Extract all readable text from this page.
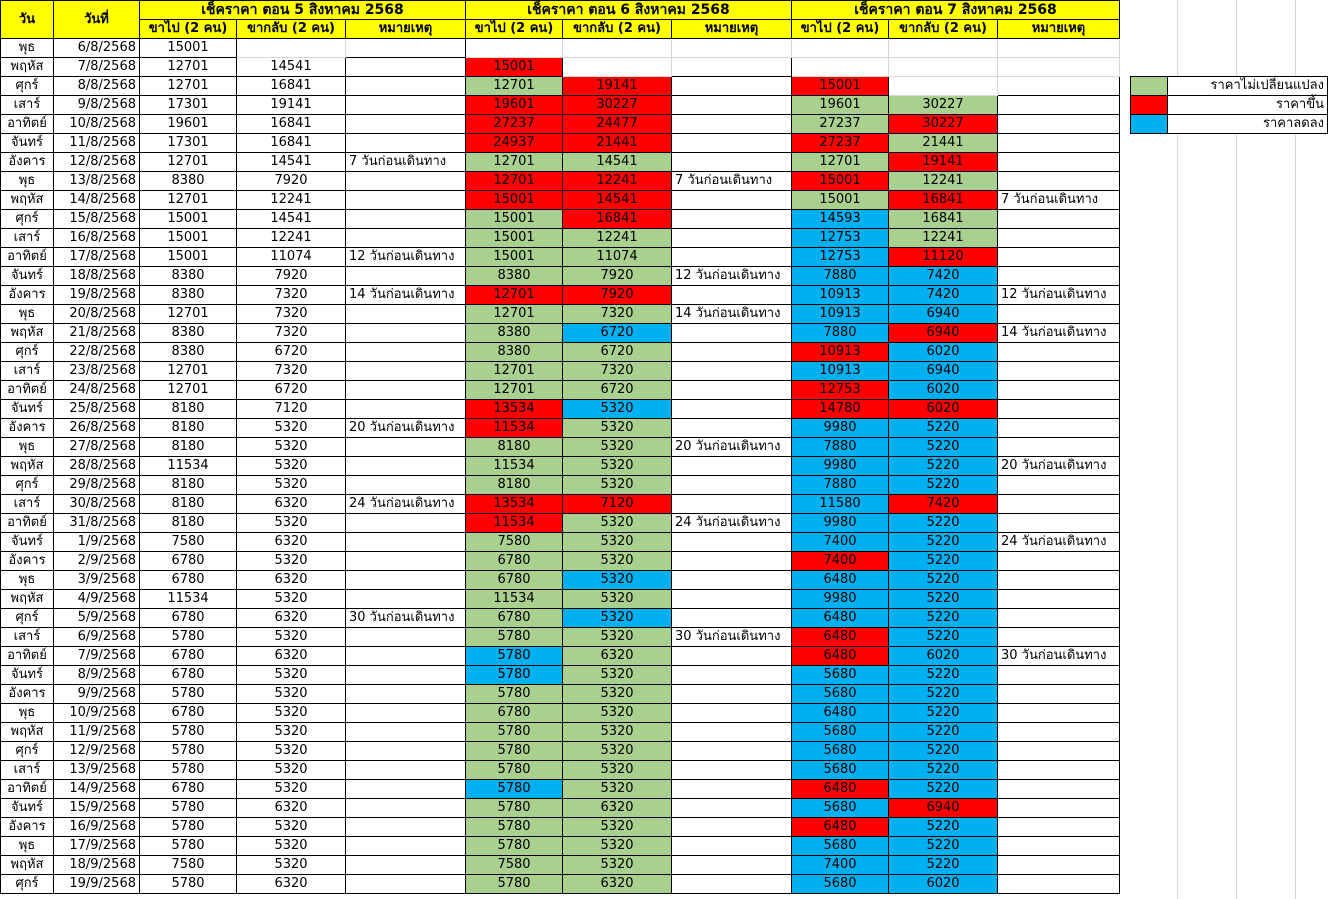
วัน	วันที่	เช็คราคา ตอน 5 สิงหาคม 2568			เช็คราคา ตอน 6 สิงหาคม 2568			เช็คราคา ตอน 7 สิงหาคม 2568		
		ขาไป (2 คน)	ขากลับ (2 คน)	หมายเหตุ	ขาไป (2 คน)	ขากลับ (2 คน)	หมายเหตุ	ขาไป (2 คน)	ขากลับ (2 คน)	หมายเหตุ
พุธ	6/8/2568	15001								
พฤหัส	7/8/2568	12701	14541		15001					
ศุกร์	8/8/2568	12701	16841		12701	19141		15001		
เสาร์	9/8/2568	17301	19141		19601	30227		19601	30227	
อาทิตย์	10/8/2568	19601	16841		27237	24477		27237	30227	
จันทร์	11/8/2568	17301	16841		24937	21441		27237	21441	
อังคาร	12/8/2568	12701	14541	7 วันก่อนเดินทาง	12701	14541		12701	19141	
พุธ	13/8/2568	8380	7920		12701	12241	7 วันก่อนเดินทาง	15001	12241	
พฤหัส	14/8/2568	12701	12241		15001	14541		15001	16841	7 วันก่อนเดินทาง
ศุกร์	15/8/2568	15001	14541		15001	16841		14593	16841	
เสาร์	16/8/2568	15001	12241		15001	12241		12753	12241	
อาทิตย์	17/8/2568	15001	11074	12 วันก่อนเดินทาง	15001	11074		12753	11120	
จันทร์	18/8/2568	8380	7920		8380	7920	12 วันก่อนเดินทาง	7880	7420	
อังคาร	19/8/2568	8380	7320	14 วันก่อนเดินทาง	12701	7920		10913	7420	12 วันก่อนเดินทาง
พุธ	20/8/2568	12701	7320		12701	7320	14 วันก่อนเดินทาง	10913	6940	
พฤหัส	21/8/2568	8380	7320		8380	6720		7880	6940	14 วันก่อนเดินทาง
ศุกร์	22/8/2568	8380	6720		8380	6720		10913	6020	
เสาร์	23/8/2568	12701	7320		12701	7320		10913	6940	
อาทิตย์	24/8/2568	12701	6720		12701	6720		12753	6020	
จันทร์	25/8/2568	8180	7120		13534	5320		14780	6020	
อังคาร	26/8/2568	8180	5320	20 วันก่อนเดินทาง	11534	5320		9980	5220	
พุธ	27/8/2568	8180	5320		8180	5320	20 วันก่อนเดินทาง	7880	5220	
พฤหัส	28/8/2568	11534	5320		11534	5320		9980	5220	20 วันก่อนเดินทาง
ศุกร์	29/8/2568	8180	5320		8180	5320		7880	5220	
เสาร์	30/8/2568	8180	6320	24 วันก่อนเดินทาง	13534	7120		11580	7420	
อาทิตย์	31/8/2568	8180	5320		11534	5320	24 วันก่อนเดินทาง	9980	5220	
จันทร์	1/9/2568	7580	6320		7580	5320		7400	5220	24 วันก่อนเดินทาง
อังคาร	2/9/2568	6780	5320		6780	5320		7400	5220	
พุธ	3/9/2568	6780	6320		6780	5320		6480	5220	
พฤหัส	4/9/2568	11534	5320		11534	5320		9980	5220	
ศุกร์	5/9/2568	6780	6320	30 วันก่อนเดินทาง	6780	5320		6480	5220	
เสาร์	6/9/2568	5780	5320		5780	5320	30 วันก่อนเดินทาง	6480	5220	
อาทิตย์	7/9/2568	6780	6320		5780	6320		6480	6020	30 วันก่อนเดินทาง
จันทร์	8/9/2568	6780	5320		5780	5320		5680	5220	
อังคาร	9/9/2568	5780	5320		5780	5320		5680	5220	
พุธ	10/9/2568	6780	5320		6780	5320		6480	5220	
พฤหัส	11/9/2568	5780	5320		5780	5320		5680	5220	
ศุกร์	12/9/2568	5780	5320		5780	5320		5680	5220	
เสาร์	13/9/2568	5780	5320		5780	5320		5680	5220	
อาทิตย์	14/9/2568	6780	5320		5780	5320		6480	5220	
จันทร์	15/9/2568	5780	6320		5780	6320		5680	6940	
อังคาร	16/9/2568	5780	5320		5780	5320		6480	5220	
พุธ	17/9/2568	5780	5320		5780	5320		5680	5220	
พฤหัส	18/9/2568	7580	5320		7580	5320		7400	5220	
ศุกร์	19/9/2568	5780	6320		5780	6320		5680	6020	
	ราคาไม่เปลี่ยนแปลง
	ราคาขึ้น
	ราคาลดลง
